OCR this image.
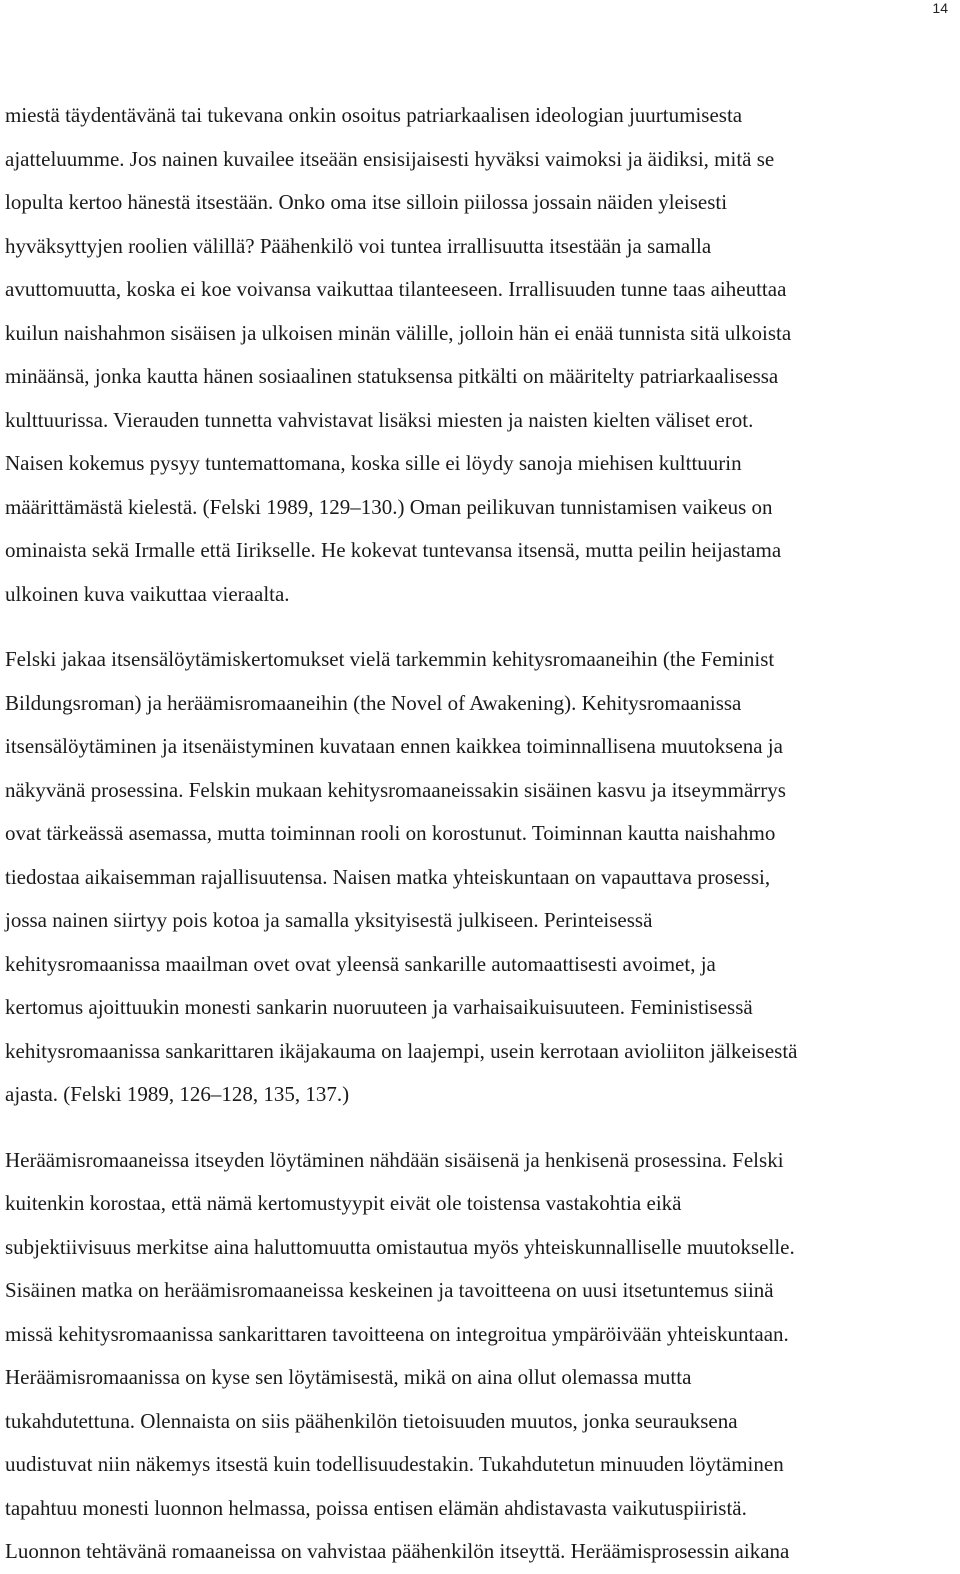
14
miestä täydentävänä tai tukevana onkin osoitus patriarkaalisen ideologian juurtumisesta
ajatteluumme. Jos nainen kuvailee itseään ensisijaisesti hyväksi vaimoksi ja äidiksi, mitä se
lopulta kertoo hänestä itsestään. Onko oma itse silloin piilossa jossain näiden yleisesti
hyväksyttyjen roolien välillä? Päähenkilö voi tuntea irrallisuutta itsestään ja samalla
avuttomuutta, koska ei koe voivansa vaikuttaa tilanteeseen. Irrallisuuden tunne taas aiheuttaa
kuilun naishahmon sisäisen ja ulkoisen minän välille, jolloin hän ei enää tunnista sitä ulkoista
minäänsä, jonka kautta hänen sosiaalinen statuksensa pitkälti on määritelty patriarkaalisessa
kulttuurissa. Vierauden tunnetta vahvistavat lisäksi miesten ja naisten kielten väliset erot.
Naisen kokemus pysyy tuntemattomana, koska sille ei löydy sanoja miehisen kulttuurin
määrittämästä kielestä. (Felski 1989, 129–130.) Oman peilikuvan tunnistamisen vaikeus on
ominaista sekä Irmalle että Iirikselle. He kokevat tuntevansa itsensä, mutta peilin heijastama
ulkoinen kuva vaikuttaa vieraalta.
Felski jakaa itsensälöytämiskertomukset vielä tarkemmin kehitysromaaneihin (the Feminist
Bildungsroman) ja heräämisromaaneihin (the Novel of Awakening). Kehitysromaanissa
itsensälöytäminen ja itsenäistyminen kuvataan ennen kaikkea toiminnallisena muutoksena ja
näkyvänä prosessina. Felskin mukaan kehitysromaaneissakin sisäinen kasvu ja itseymmärrys
ovat tärkeässä asemassa, mutta toiminnan rooli on korostunut. Toiminnan kautta naishahmo
tiedostaa aikaisemman rajallisuutensa. Naisen matka yhteiskuntaan on vapauttava prosessi,
jossa nainen siirtyy pois kotoa ja samalla yksityisestä julkiseen. Perinteisessä
kehitysromaanissa maailman ovet ovat yleensä sankarille automaattisesti avoimet, ja
kertomus ajoittuukin monesti sankarin nuoruuteen ja varhaisaikuisuuteen. Feministisessä
kehitysromaanissa sankarittaren ikäjakauma on laajempi, usein kerrotaan avioliiton jälkeisestä
ajasta. (Felski 1989, 126–128, 135, 137.)
Heräämisromaaneissa itseyden löytäminen nähdään sisäisenä ja henkisenä prosessina. Felski
kuitenkin korostaa, että nämä kertomustyypit eivät ole toistensa vastakohtia eikä
subjektiivisuus merkitse aina haluttomuutta omistautua myös yhteiskunnalliselle muutokselle.
Sisäinen matka on heräämisromaaneissa keskeinen ja tavoitteena on uusi itsetuntemus siinä
missä kehitysromaanissa sankarittaren tavoitteena on integroitua ympäröivään yhteiskuntaan.
Heräämisromaanissa on kyse sen löytämisestä, mikä on aina ollut olemassa mutta
tukahdutettuna. Olennaista on siis päähenkilön tietoisuuden muutos, jonka seurauksena
uudistuvat niin näkemys itsestä kuin todellisuudestakin. Tukahdutetun minuuden löytäminen
tapahtuu monesti luonnon helmassa, poissa entisen elämän ahdistavasta vaikutuspiiristä.
Luonnon tehtävänä romaaneissa on vahvistaa päähenkilön itseyttä. Heräämisprosessin aikana
